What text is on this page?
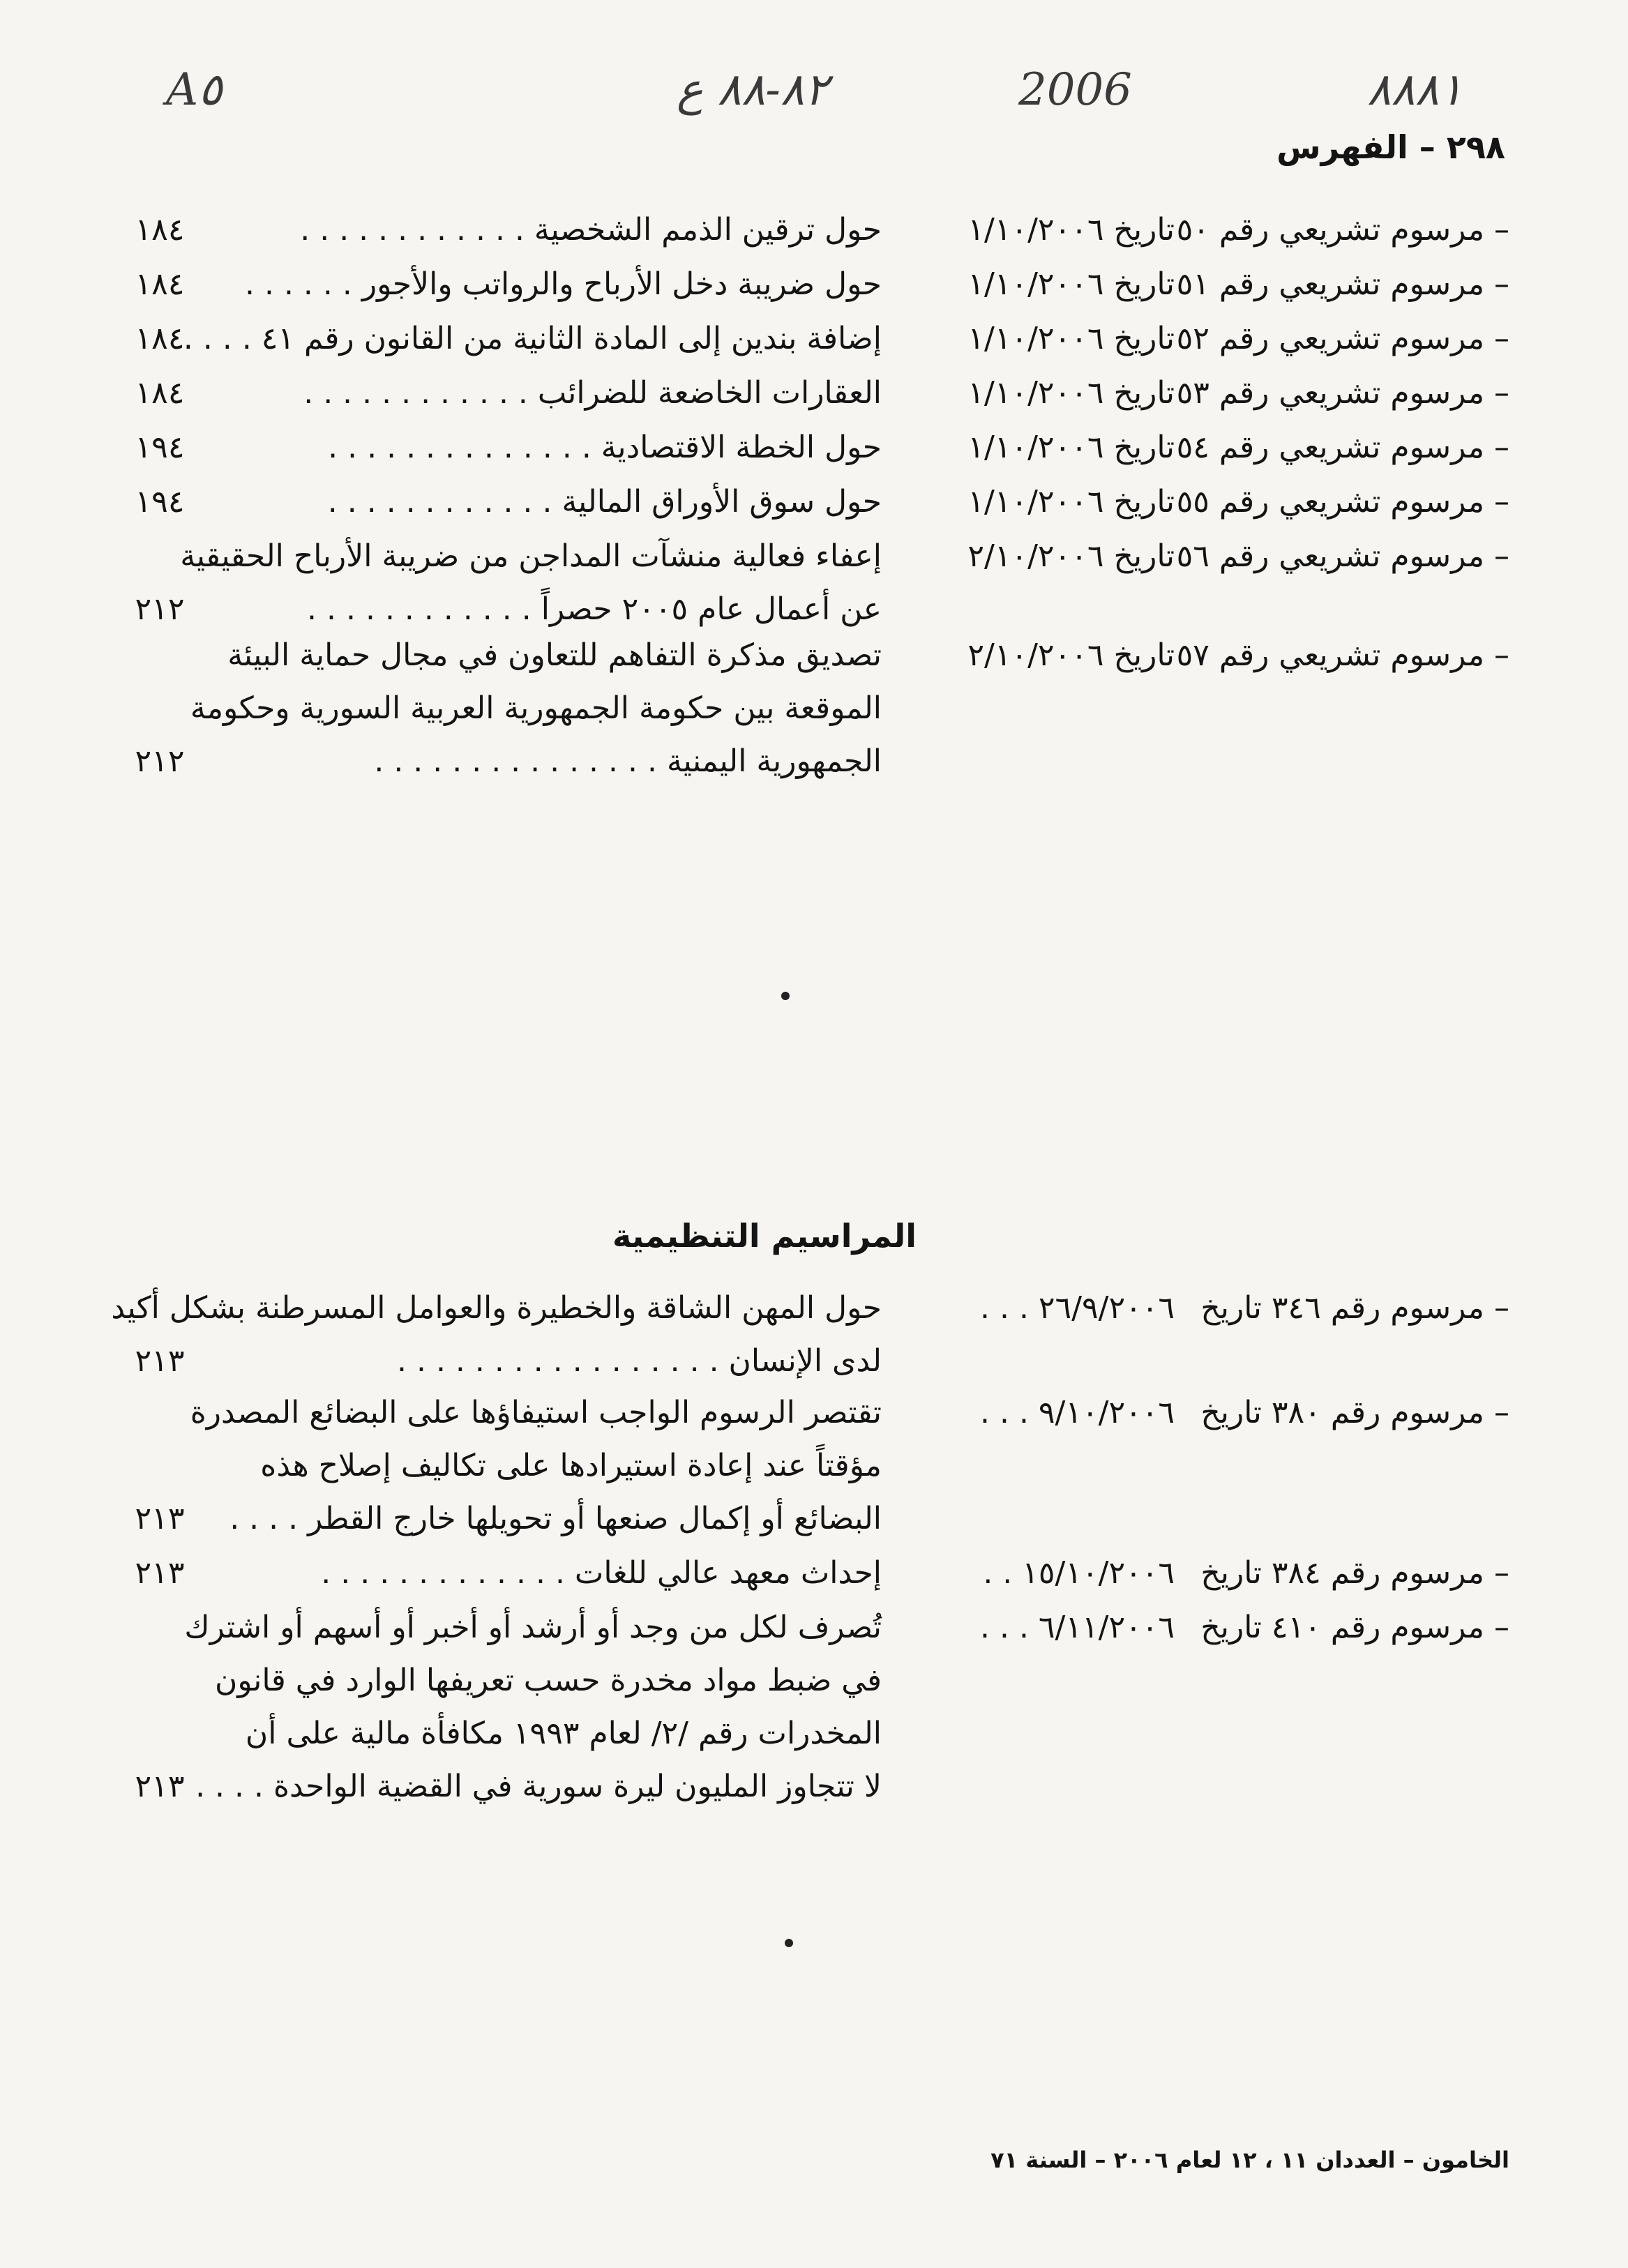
A٥	٨٢-٨٨ ع	2006	٨٨٨١
٢٩٨ – الفهرس
– مرسوم تشريعي رقم ٥٠
تاريخ ١/١٠/٢٠٠٦
حول ترقين الذمم الشخصية . . . . . . . . . . . .
١٨٤
– مرسوم تشريعي رقم ٥١
تاريخ ١/١٠/٢٠٠٦
حول ضريبة دخل الأرباح والرواتب والأجور . . . . . .
١٨٤
– مرسوم تشريعي رقم ٥٢
تاريخ ١/١٠/٢٠٠٦
إضافة بندين إلى المادة الثانية من القانون رقم ٤١ . . . .
١٨٤
– مرسوم تشريعي رقم ٥٣
تاريخ ١/١٠/٢٠٠٦
العقارات الخاضعة للضرائب . . . . . . . . . . . .
١٨٤
– مرسوم تشريعي رقم ٥٤
تاريخ ١/١٠/٢٠٠٦
حول الخطة الاقتصادية . . . . . . . . . . . . . .
١٩٤
– مرسوم تشريعي رقم ٥٥
تاريخ ١/١٠/٢٠٠٦
حول سوق الأوراق المالية . . . . . . . . . . . .
١٩٤
– مرسوم تشريعي رقم ٥٦
تاريخ ٢/١٠/٢٠٠٦
إعفاء فعالية منشآت المداجن من ضريبة الأرباح الحقيقية
عن أعمال عام ٢٠٠٥ حصراً . . . . . . . . . . . .
٢١٢
– مرسوم تشريعي رقم ٥٧
تاريخ ٢/١٠/٢٠٠٦
تصديق مذكرة التفاهم للتعاون في مجال حماية البيئة
الموقعة بين حكومة الجمهورية العربية السورية وحكومة
الجمهورية اليمنية . . . . . . . . . . . . . . .
٢١٢
المراسيم التنظيمية
– مرسوم رقم ٣٤٦ تاريخ
٢٦/٩/٢٠٠٦ . . .
حول المهن الشاقة والخطيرة والعوامل المسرطنة بشكل أكيد
لدى الإنسان . . . . . . . . . . . . . . . . .
٢١٣
– مرسوم رقم ٣٨٠ تاريخ
٩/١٠/٢٠٠٦ . . .
تقتصر الرسوم الواجب استيفاؤها على البضائع المصدرة
مؤقتاً عند إعادة استيرادها على تكاليف إصلاح هذه
البضائع أو إكمال صنعها أو تحويلها خارج القطر . . . .
٢١٣
– مرسوم رقم ٣٨٤ تاريخ
١٥/١٠/٢٠٠٦ . .
إحداث معهد عالي للغات . . . . . . . . . . . . .
٢١٣
– مرسوم رقم ٤١٠ تاريخ
٦/١١/٢٠٠٦ . . .
تُصرف لكل من وجد أو أرشد أو أخبر أو أسهم أو اشترك
في ضبط مواد مخدرة حسب تعريفها الوارد في قانون
المخدرات رقم /٢/ لعام ١٩٩٣ مكافأة مالية على أن
لا تتجاوز المليون ليرة سورية في القضية الواحدة . . . .
٢١٣
الخامون – العددان ١١ ، ١٢ لعام ٢٠٠٦ – السنة ٧١
